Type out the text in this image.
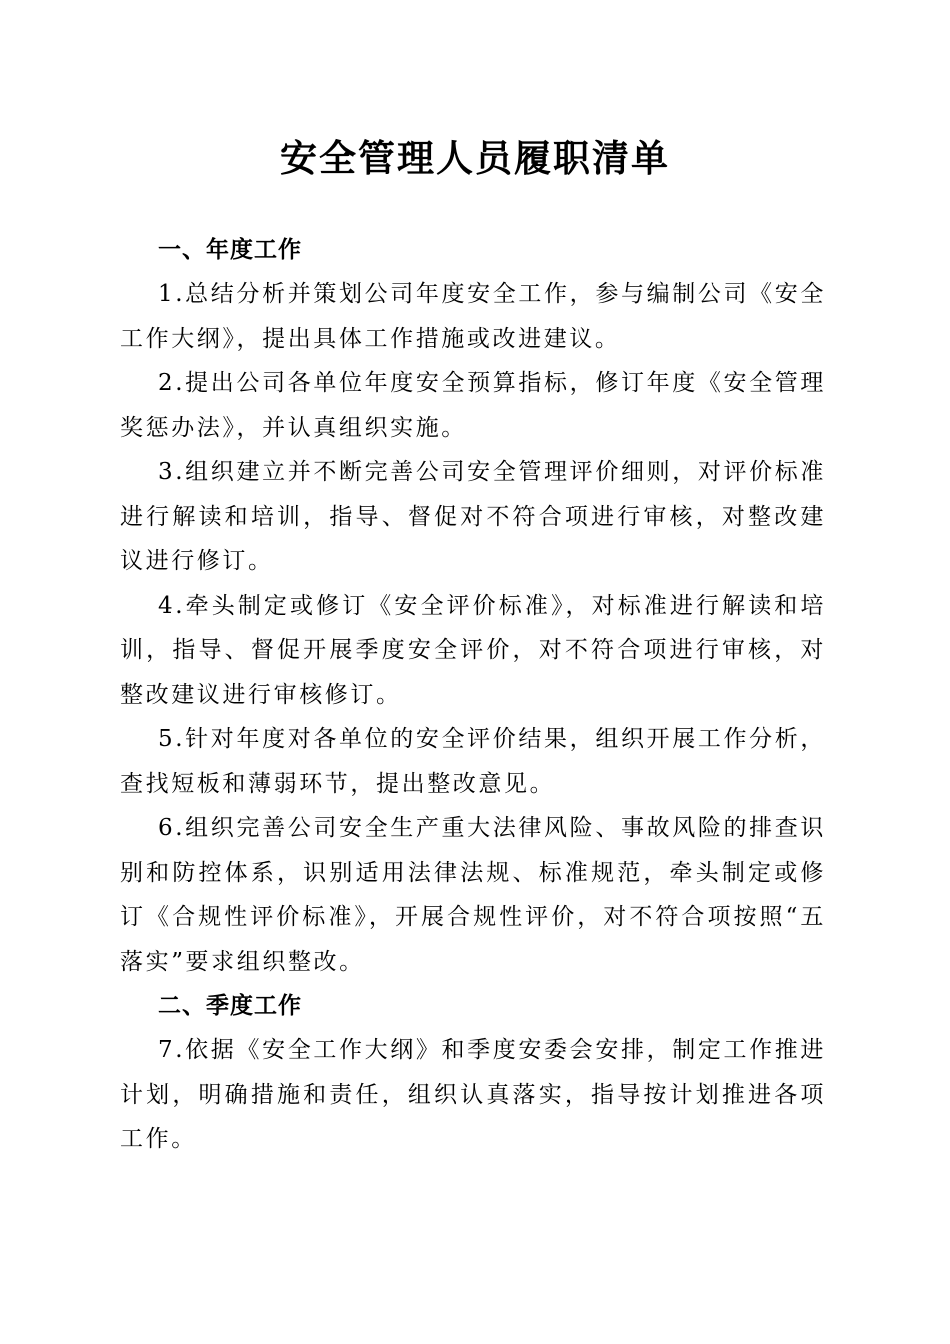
安全管理人员履职清单
一、年度工作

1.总结分析并策划公司年度安全工作，参与编制公司《安全工作大纲》，提出具体工作措施或改进建议。

2.提出公司各单位年度安全预算指标，修订年度《安全管理奖惩办法》，并认真组织实施。

3.组织建立并不断完善公司安全管理评价细则，对评价标准进行解读和培训，指导、督促对不符合项进行审核，对整改建议进行修订。

4.牵头制定或修订《安全评价标准》，对标准进行解读和培训，指导、督促开展季度安全评价，对不符合项进行审核，对整改建议进行审核修订。

5.针对年度对各单位的安全评价结果，组织开展工作分析，查找短板和薄弱环节，提出整改意见。

6.组织完善公司安全生产重大法律风险、事故风险的排查识别和防控体系，识别适用法律法规、标准规范，牵头制定或修订《合规性评价标准》，开展合规性评价，对不符合项按照“五落实”要求组织整改。

二、季度工作

7.依据《安全工作大纲》和季度安委会安排，制定工作推进计划，明确措施和责任，组织认真落实，指导按计划推进各项工作。
